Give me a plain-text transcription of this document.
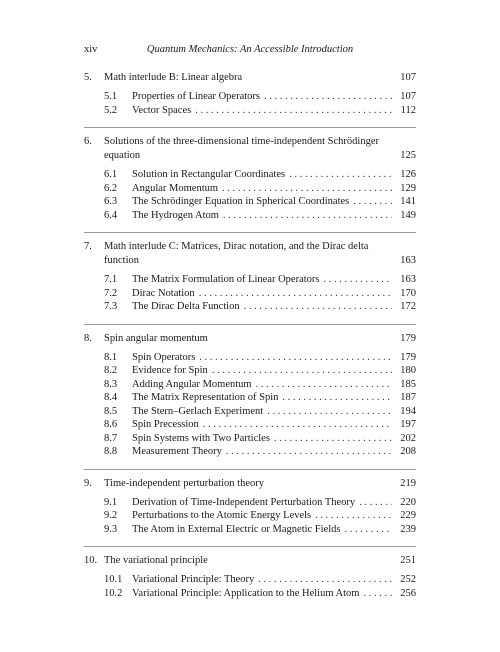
xiv	Quantum Mechanics: An Accessible Introduction
5.	Math interlude B: Linear algebra	107
5.1	Properties of Linear Operators . . .	107
5.2	Vector Spaces . . .	112
6.	Solutions of the three-dimensional time-independent Schrödinger equation	125
6.1	Solution in Rectangular Coordinates . . .	126
6.2	Angular Momentum . . .	129
6.3	The Schrödinger Equation in Spherical Coordinates . . .	141
6.4	The Hydrogen Atom . . .	149
7.	Math interlude C: Matrices, Dirac notation, and the Dirac delta function	163
7.1	The Matrix Formulation of Linear Operators . . .	163
7.2	Dirac Notation . . .	170
7.3	The Dirac Delta Function . . .	172
8.	Spin angular momentum	179
8.1	Spin Operators . . .	179
8.2	Evidence for Spin . . .	180
8.3	Adding Angular Momentum . . .	185
8.4	The Matrix Representation of Spin . . .	187
8.5	The Stern–Gerlach Experiment . . .	194
8.6	Spin Precession . . .	197
8.7	Spin Systems with Two Particles . . .	202
8.8	Measurement Theory . . .	208
9.	Time-independent perturbation theory	219
9.1	Derivation of Time-Independent Perturbation Theory . . .	220
9.2	Perturbations to the Atomic Energy Levels . . .	229
9.3	The Atom in External Electric or Magnetic Fields . . .	239
10. The variational principle	251
10.1 Variational Principle: Theory . . .	252
10.2 Variational Principle: Application to the Helium Atom . . .	256
